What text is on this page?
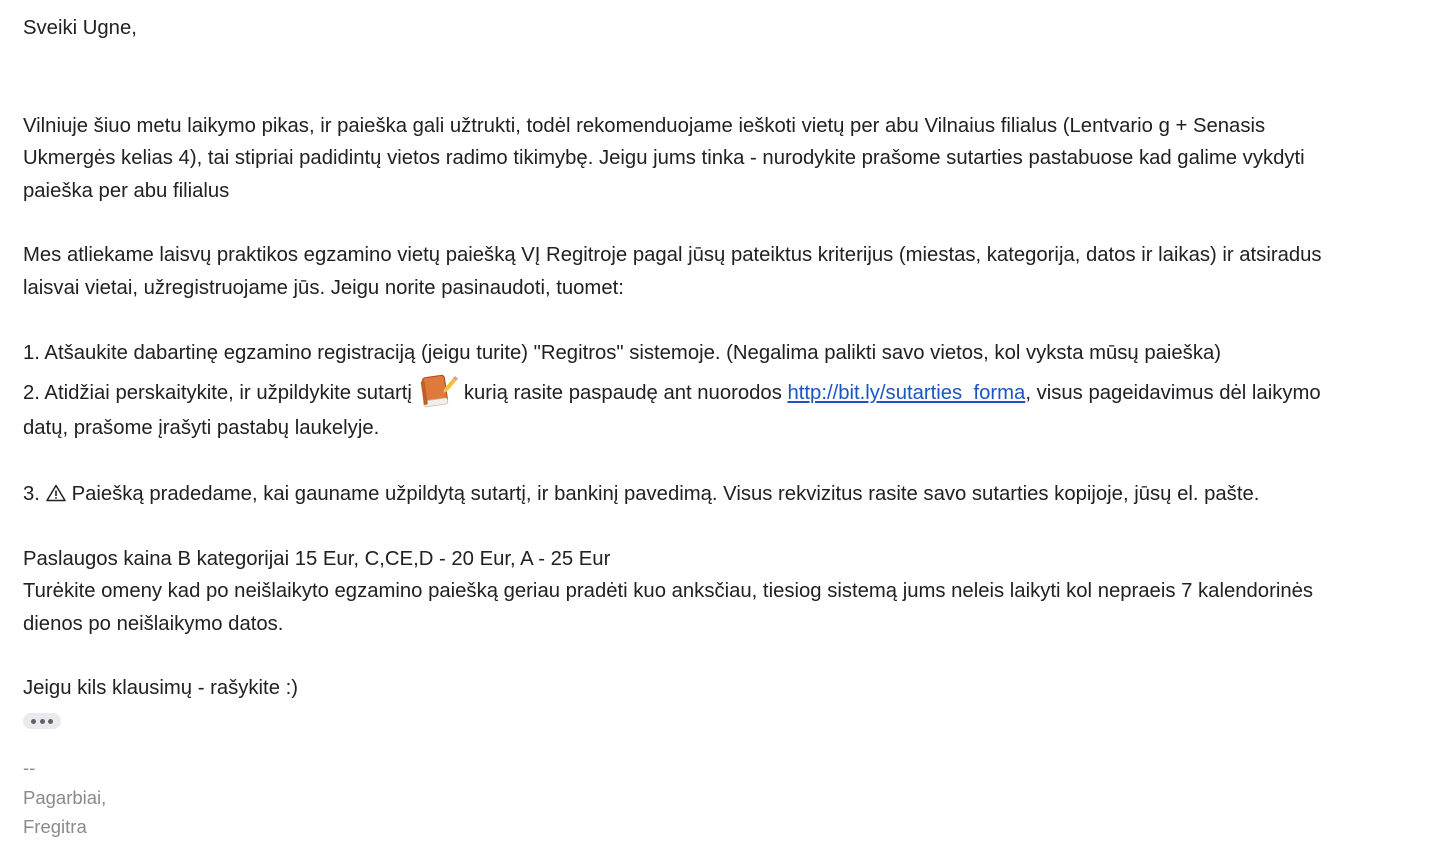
Sveiki Ugne,
Vilniuje šiuo metu laikymo pikas, ir paieška gali užtrukti, todėl rekomenduojame ieškoti vietų per abu Vilnaius filialus (Lentvario g + Senasis
Ukmergės kelias 4), tai stipriai padidintų vietos radimo tikimybę. Jeigu jums tinka - nurodykite prašome sutarties pastabuose kad galime vykdyti
paieška per abu filialus
Mes atliekame laisvų praktikos egzamino vietų paiešką VĮ Regitroje pagal jūsų pateiktus kriterijus (miestas, kategorija, datos ir laikas) ir atsiradus
laisvai vietai, užregistruojame jūs. Jeigu norite pasinaudoti, tuomet:
1. Atšaukite dabartinę egzamino registraciją (jeigu turite) "Regitros" sistemoje. (Negalima palikti savo vietos, kol vyksta mūsų paieška)
2. Atidžiai perskaitykite, ir užpildykite sutartį	kurią rasite paspaudę ant nuorodos http://bit.ly/sutarties_forma, visus pageidavimus dėl laikymo
datų, prašome įrašyti pastabų laukelyje.
3. Paiešką pradedame, kai gauname užpildytą sutartį, ir bankinį pavedimą. Visus rekvizitus rasite savo sutarties kopijoje, jūsų el. pašte.
Paslaugos kaina B kategorijai 15 Eur, C,CE,D - 20 Eur, A - 25 Eur
Turėkite omeny kad po neišlaikyto egzamino paiešką geriau pradėti kuo anksčiau, tiesiog sistemą jums neleis laikyti kol nepraeis 7 kalendorinės
dienos po neišlaikymo datos.
Jeigu kils klausimų - rašykite :)
--
Pagarbiai,
Fregitra
